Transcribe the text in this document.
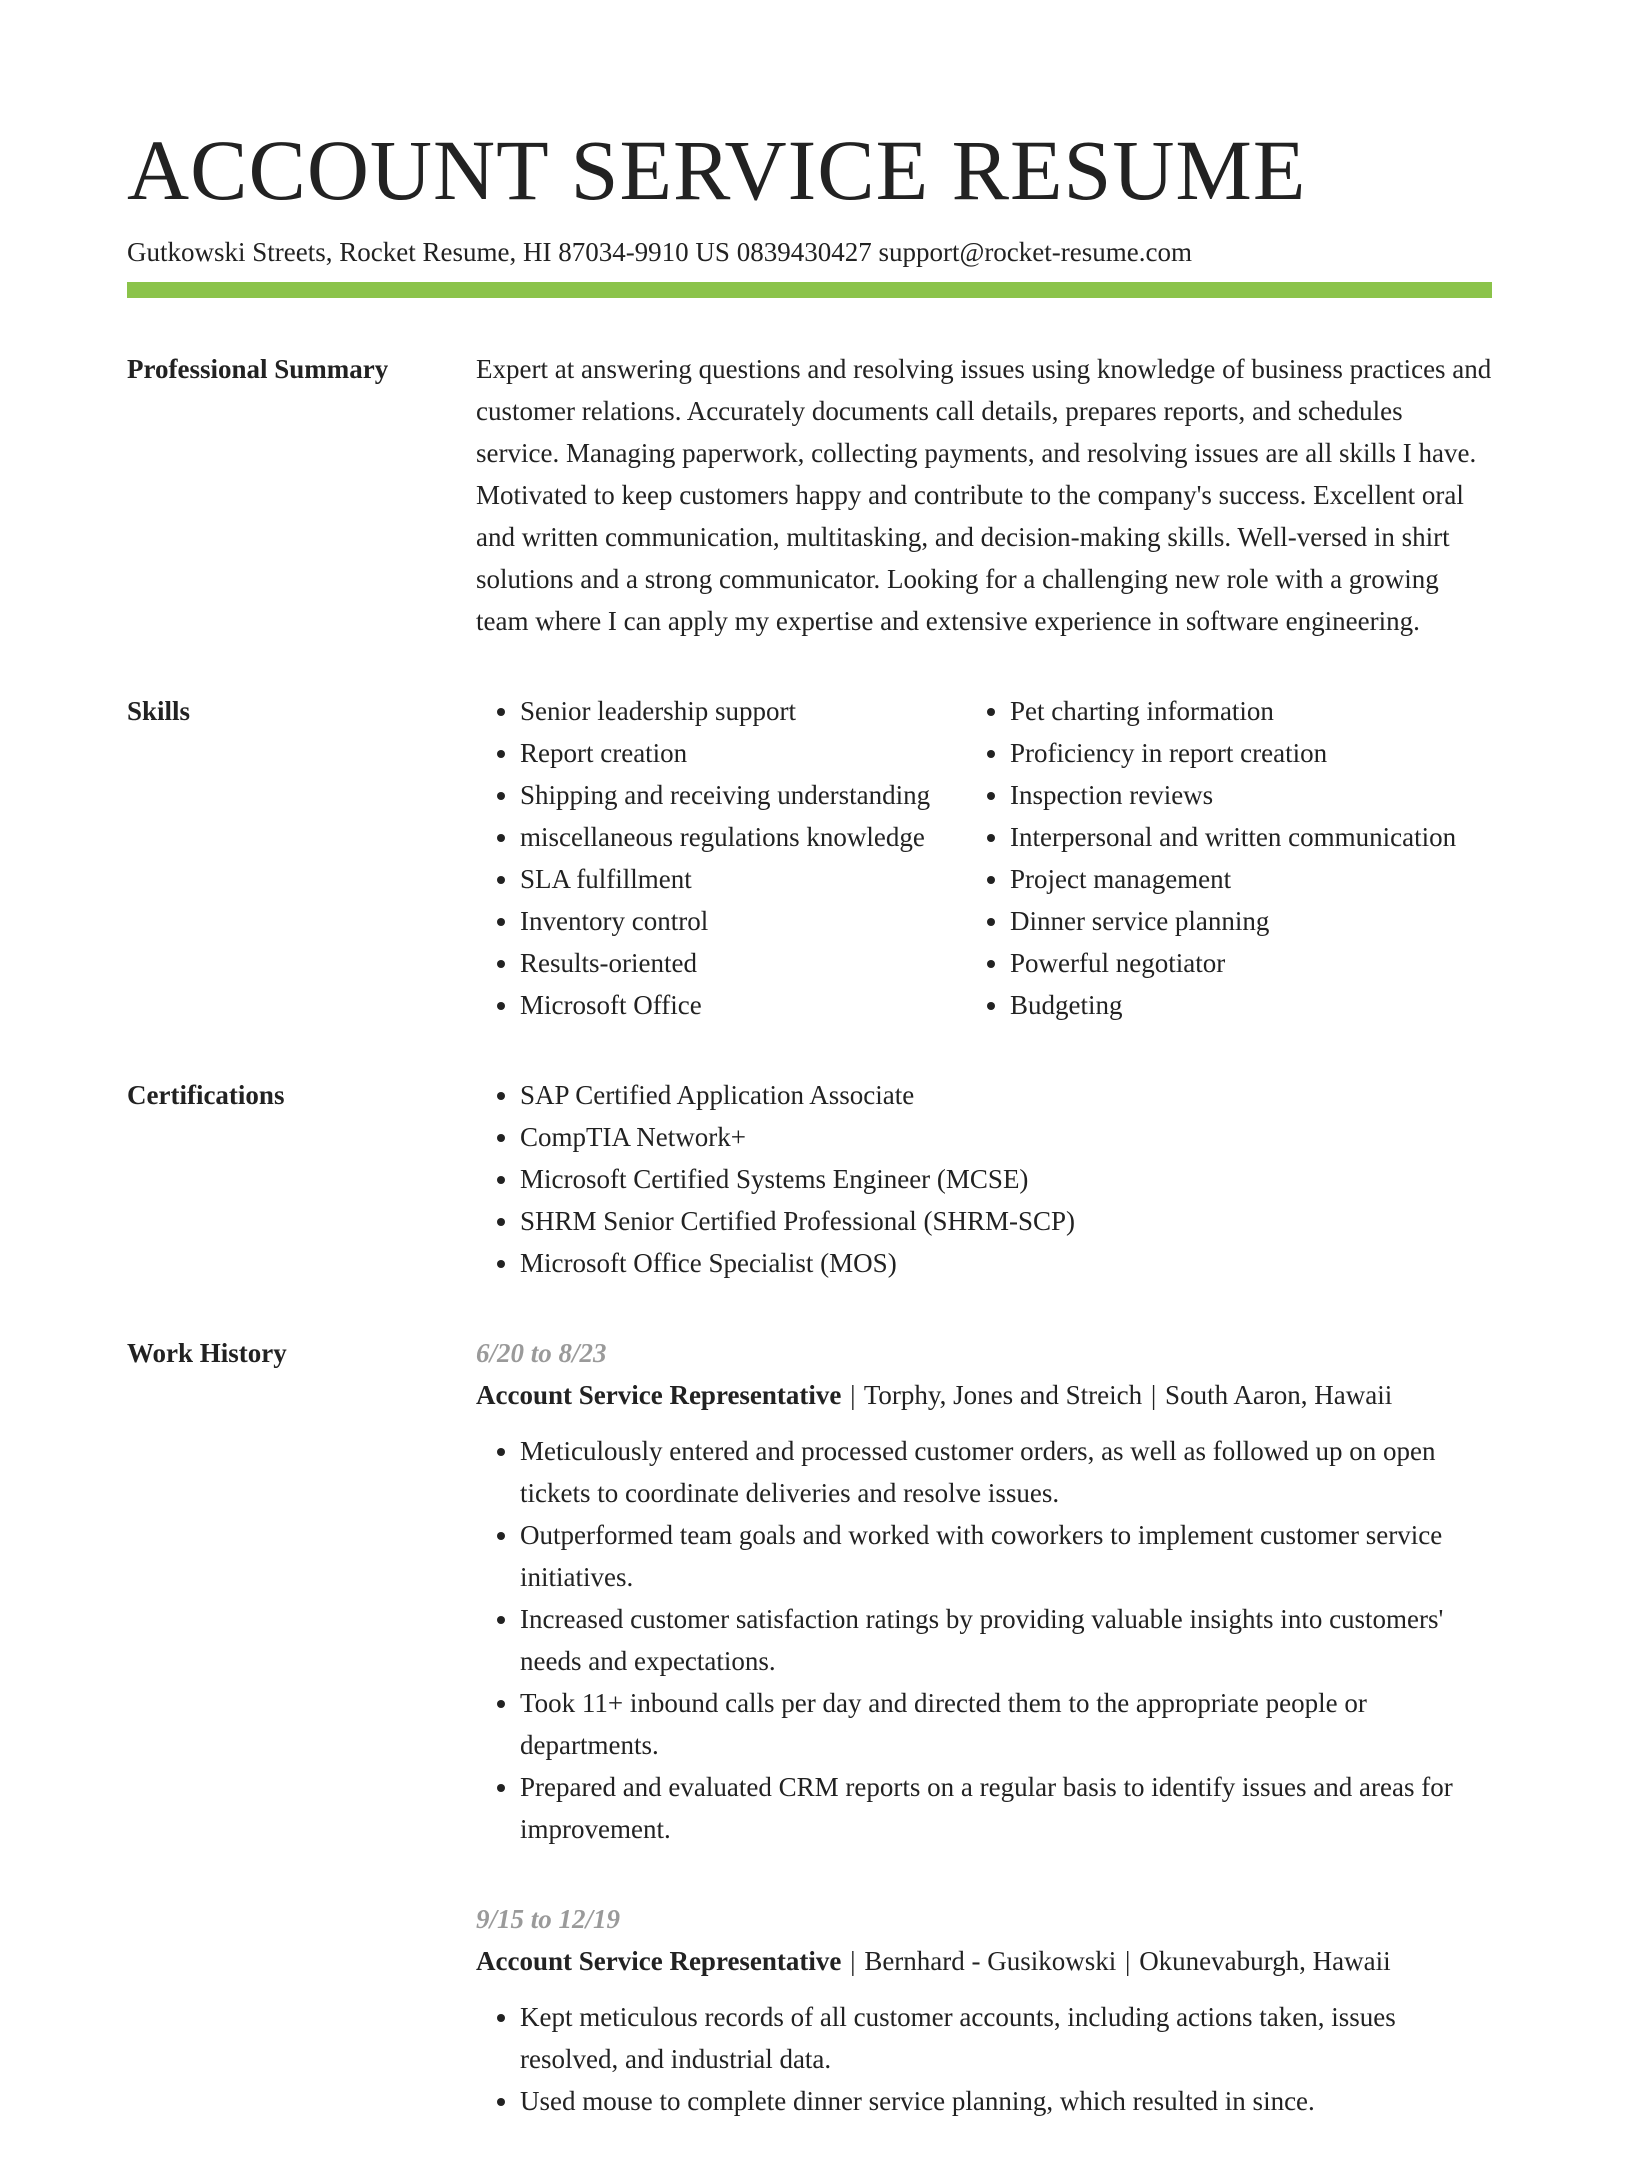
ACCOUNT SERVICE RESUME
Gutkowski Streets, Rocket Resume, HI 87034-9910 US 0839430427 support@rocket-resume.com
Professional Summary	Expert at answering questions and resolving issues using knowledge of business practices and customer relations. Accurately documents call details, prepares reports, and schedules service. Managing paperwork, collecting payments, and resolving issues are all skills I have. Motivated to keep customers happy and contribute to the company's success. Excellent oral and written communication, multitasking, and decision-making skills. Well-versed in shirt solutions and a strong communicator. Looking for a challenging new role with a growing team where I can apply my expertise and extensive experience in software engineering.

Skills	• Senior leadership support
• Report creation
• Shipping and receiving understanding
• miscellaneous regulations knowledge
• SLA fulfillment
• Inventory control
• Results-oriented
• Microsoft Office
• Pet charting information
• Proficiency in report creation
• Inspection reviews
• Interpersonal and written communication
• Project management
• Dinner service planning
• Powerful negotiator
• Budgeting
Certifications	• SAP Certified Application Associate
• CompTIA Network+
• Microsoft Certified Systems Engineer (MCSE)
• SHRM Senior Certified Professional (SHRM-SCP)
• Microsoft Office Specialist (MOS)
Work History	6/20 to 8/23
Account Service Representative | Torphy, Jones and Streich | South Aaron, Hawaii
• Meticulously entered and processed customer orders, as well as followed up on open tickets to coordinate deliveries and resolve issues.
• Outperformed team goals and worked with coworkers to implement customer service initiatives.
• Increased customer satisfaction ratings by providing valuable insights into customers' needs and expectations.
• Took 11+ inbound calls per day and directed them to the appropriate people or departments.
• Prepared and evaluated CRM reports on a regular basis to identify issues and areas for improvement.
9/15 to 12/19
Account Service Representative | Bernhard - Gusikowski | Okunevaburgh, Hawaii
• Kept meticulous records of all customer accounts, including actions taken, issues resolved, and industrial data.
• Used mouse to complete dinner service planning, which resulted in since.
